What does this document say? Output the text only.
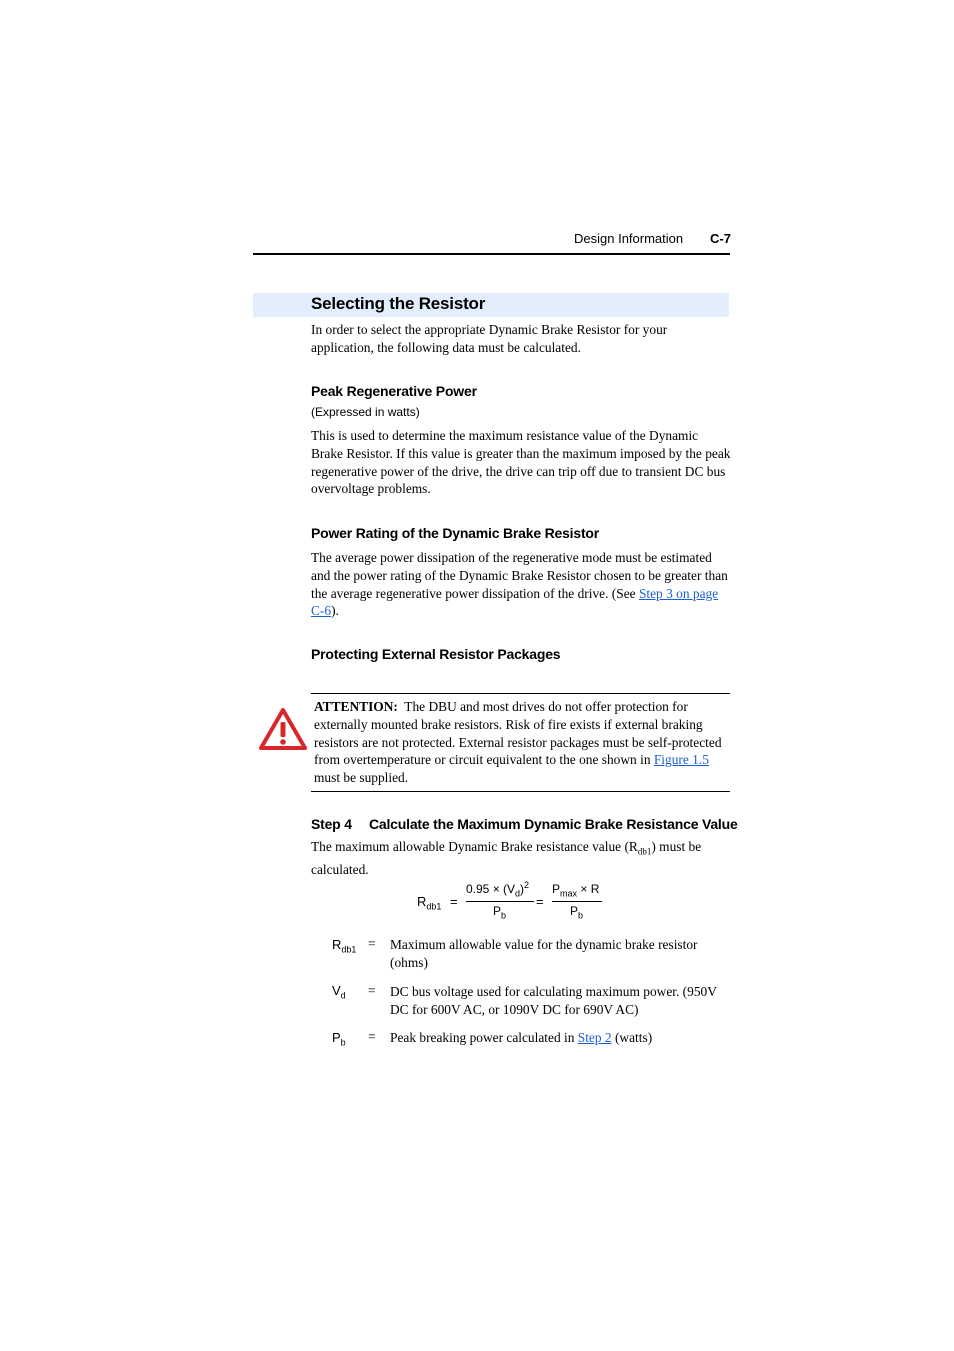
Design Information C-7
Selecting the Resistor
In order to select the appropriate Dynamic Brake Resistor for your application, the following data must be calculated.
Peak Regenerative Power
(Expressed in watts)
This is used to determine the maximum resistance value of the Dynamic Brake Resistor. If this value is greater than the maximum imposed by the peak regenerative power of the drive, the drive can trip off due to transient DC bus overvoltage problems.
Power Rating of the Dynamic Brake Resistor
The average power dissipation of the regenerative mode must be estimated and the power rating of the Dynamic Brake Resistor chosen to be greater than the average regenerative power dissipation of the drive. (See Step 3 on page C-6).
Protecting External Resistor Packages
ATTENTION: The DBU and most drives do not offer protection for externally mounted brake resistors. Risk of fire exists if external braking resistors are not protected. External resistor packages must be self-protected from overtemperature or circuit equivalent to the one shown in Figure 1.5 must be supplied.
Step 4 Calculate the Maximum Dynamic Brake Resistance Value
The maximum allowable Dynamic Brake resistance value $(R_{db1})$ must be calculated.
$R_{db1}$ =
$0.95 \times (V_d)^2$
$P_b$
=
$P_{max} \times R$
$P_b$
$R_{db1}$ = Maximum allowable value for the dynamic brake resistor (ohms)
$V_d$ = DC bus voltage used for calculating maximum power. (950V DC for 600V AC, or 1090V DC for 690V AC)
$P_b$ = Peak breaking power calculated in Step 2 (watts)
